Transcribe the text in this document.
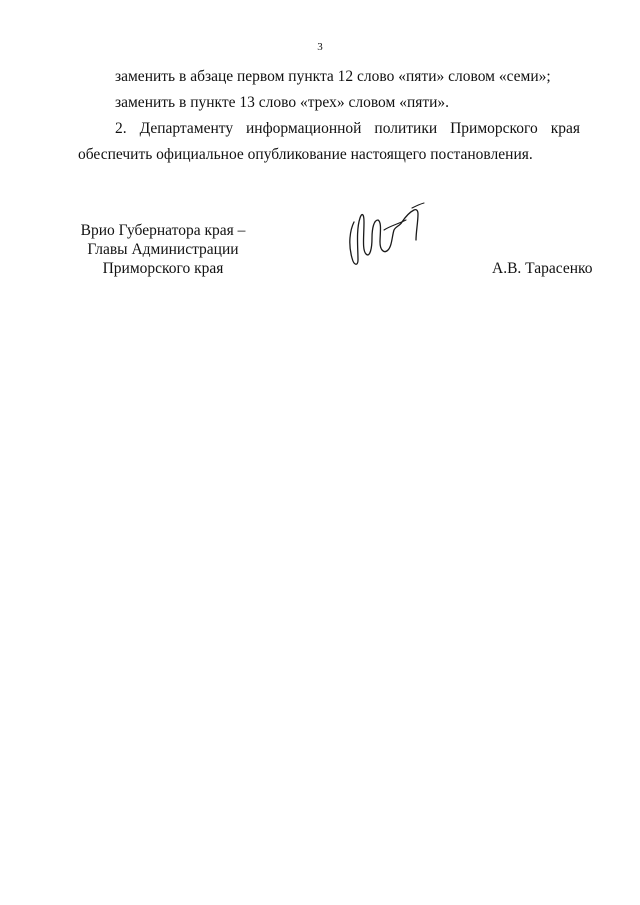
3

заменить в абзаце первом пункта 12 слово «пяти» словом «семи»;

заменить в пункте 13 слово «трех» словом «пяти».

2. Департаменту информационной политики Приморского края обеспечить официальное опубликование настоящего постановления.

Врио Губернатора края –
Главы Администрации
Приморского края	А.В. Тарасенко
